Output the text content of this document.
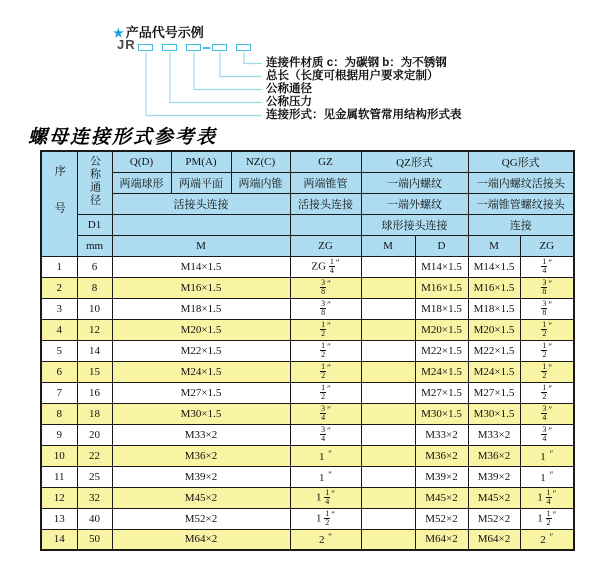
★ 产品代号示例
JR
连接件材质 c：为碳钢 b：为不锈钢
总长（长度可根据用户要求定制）
公称通径
公称压力
连接形式：见金属软管常用结构形式表
螺母连接形式参考表
序号	公称通径	Q(D)	PM(A)	NZ(C)	GZ	QZ形式		QG形式	
		两端球形	两端平面	两端内锥	两端锥管	一端内螺纹		一端内螺纹活接头	
		活接头连接			活接头连接	一端外螺纹		一端锥管螺纹接头	
	D1					球形接头连接		连接	
	mm	M			ZG	M	D	M	ZG
1	6	M14×1.5			ZG $\frac{1}{4} ''$		M14×1.5	M14×1.5	$\frac{1}{4} ''$
2	8	M16×1.5			$\frac{3}{8} ''$		M16×1.5	M16×1.5	$\frac{3}{8} ''$
3	10	M18×1.5			$\frac{3}{8} ''$		M18×1.5	M18×1.5	$\frac{3}{8} ''$
4	12	M20×1.5			$\frac{1}{2} ''$		M20×1.5	M20×1.5	$\frac{1}{2} ''$
5	14	M22×1.5			$\frac{1}{2} ''$		M22×1.5	M22×1.5	$\frac{1}{2} ''$
6	15	M24×1.5			$\frac{1}{2} ''$		M24×1.5	M24×1.5	$\frac{1}{2} ''$
7	16	M27×1.5			$\frac{1}{2} ''$		M27×1.5	M27×1.5	$\frac{1}{2} ''$
8	18	M30×1.5			$\frac{3}{4} ''$		M30×1.5	M30×1.5	$\frac{3}{4} ''$
9	20	M33×2			$\frac{3}{4} ''$		M33×2	M33×2	$\frac{3}{4} ''$
10	22	M36×2			1 ″		M36×2	M36×2	1 ″
11	25	M39×2			1 ″		M39×2	M39×2	1 ″
12	32	M45×2			$1 \frac{1}{4} ''$		M45×2	M45×2	$1 \frac{1}{4} ''$
13	40	M52×2			$1 \frac{1}{2} ''$		M52×2	M52×2	$1 \frac{1}{2} ''$
14	50	M64×2			2 ″		M64×2	M64×2	2 ″
